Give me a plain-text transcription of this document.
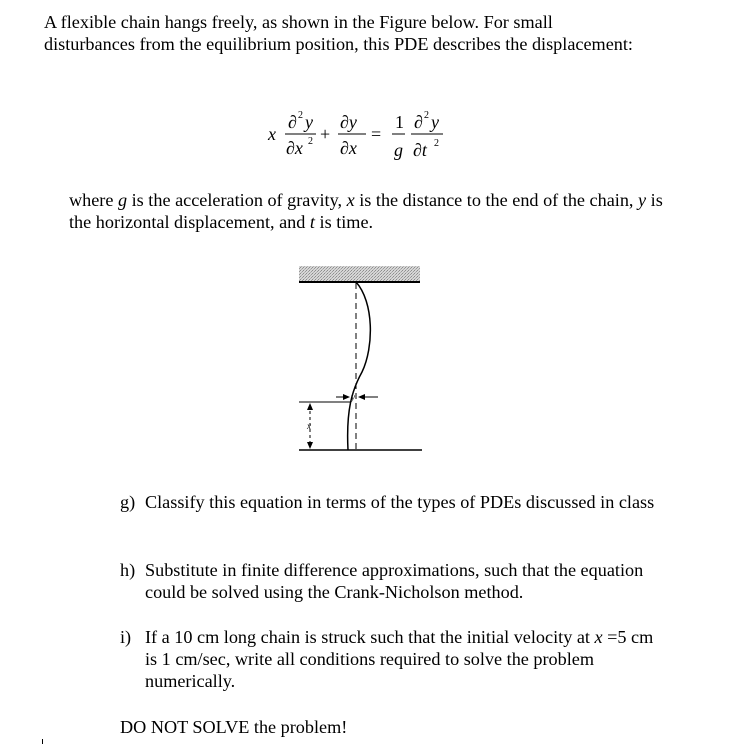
A flexible chain hangs freely, as shown in the Figure below. For small disturbances from the equilibrium position, this PDE describes the displacement:

x
∂ 2 y
∂x 2 +
∂y
∂x
=
1
g
∂ 2 y
∂t 2

where g is the acceleration of gravity, x is the distance to the end of the chain, y is the horizontal displacement, and t is time.

x
y
g) Classify this equation in terms of the types of PDEs discussed in class
h) Substitute in finite difference approximations, such that the equation could be solved using the Crank-Nicholson method.
i) If a 10 cm long chain is struck such that the initial velocity at x =5 cm is 1 cm/sec, write all conditions required to solve the problem numerically.

DO NOT SOLVE the problem!
